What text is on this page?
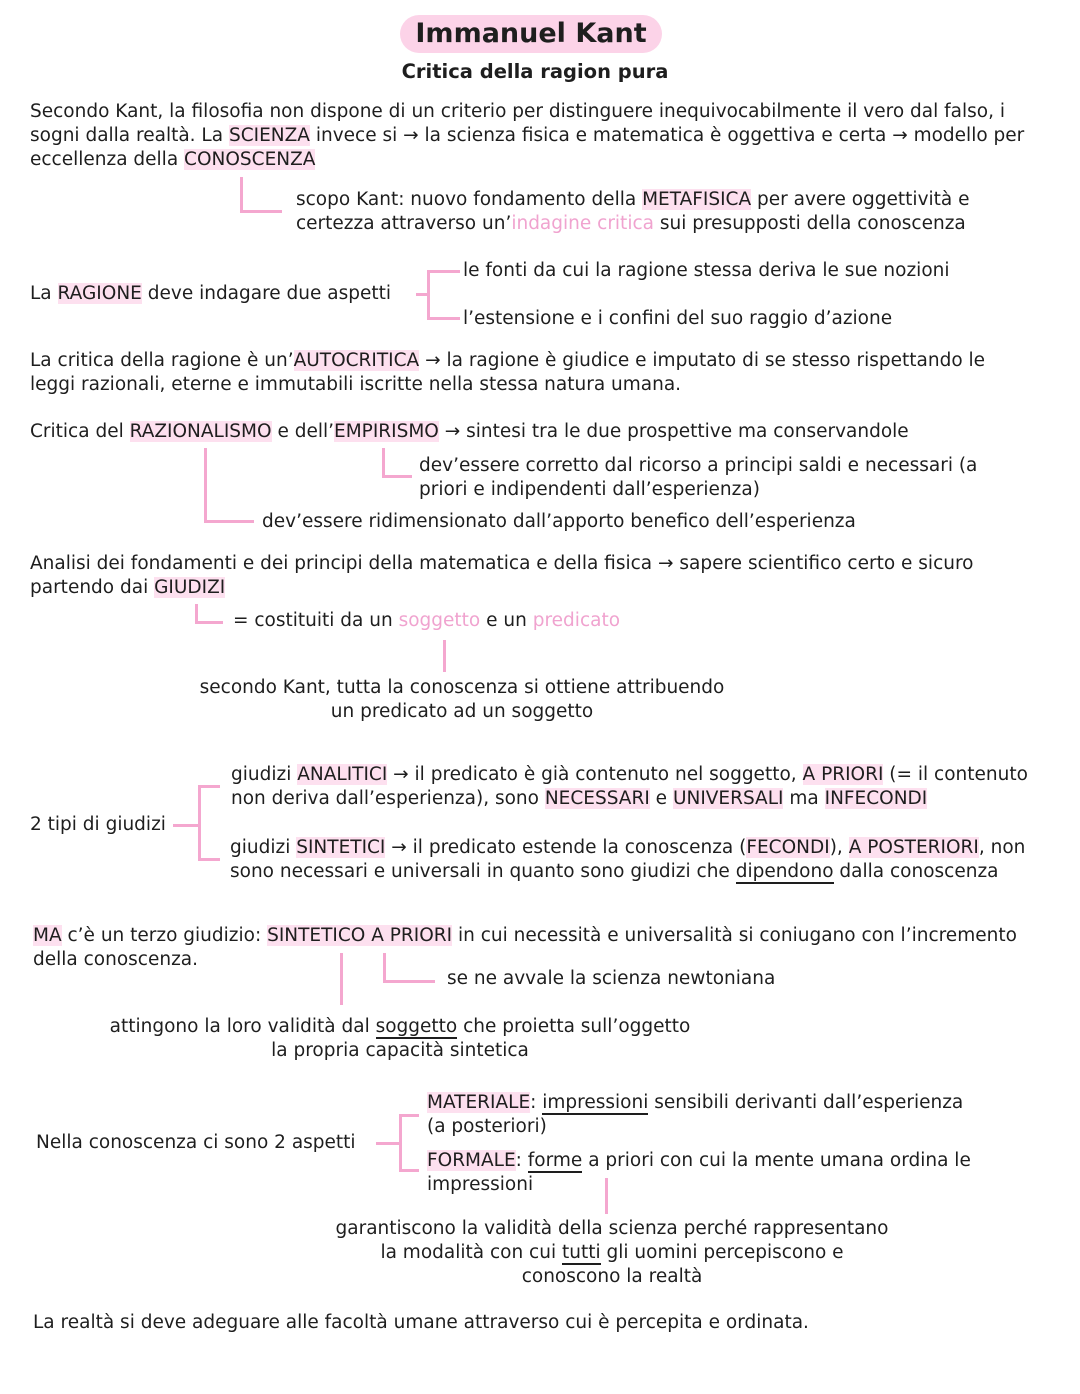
Immanuel Kant
Critica della ragion pura
Secondo Kant, la filosofia non dispone di un criterio per distinguere inequivocabilmente il vero dal falso, i
sogni dalla realtà. La SCIENZA invece si → la scienza fisica e matematica è oggettiva e certa → modello per
eccellenza della CONOSCENZA
scopo Kant: nuovo fondamento della METAFISICA per avere oggettività e
certezza attraverso un’indagine critica sui presupposti della conoscenza
La RAGIONE deve indagare due aspetti
le fonti da cui la ragione stessa deriva le sue nozioni
l’estensione e i confini del suo raggio d’azione
La critica della ragione è un’AUTOCRITICA → la ragione è giudice e imputato di se stesso rispettando le
leggi razionali, eterne e immutabili iscritte nella stessa natura umana.
Critica del RAZIONALISMO e dell’EMPIRISMO → sintesi tra le due prospettive ma conservandole
dev’essere corretto dal ricorso a principi saldi e necessari (a
priori e indipendenti dall’esperienza)
dev’essere ridimensionato dall’apporto benefico dell’esperienza
Analisi dei fondamenti e dei principi della matematica e della fisica → sapere scientifico certo e sicuro
partendo dai GIUDIZI
= costituiti da un soggetto e un predicato
secondo Kant, tutta la conoscenza si ottiene attribuendo
un predicato ad un soggetto
2 tipi di giudizi
giudizi ANALITICI → il predicato è già contenuto nel soggetto, A PRIORI (= il contenuto
non deriva dall’esperienza), sono NECESSARI e UNIVERSALI ma INFECONDI
giudizi SINTETICI → il predicato estende la conoscenza (FECONDI), A POSTERIORI, non
sono necessari e universali in quanto sono giudizi che dipendono dalla conoscenza
MA c’è un terzo giudizio: SINTETICO A PRIORI in cui necessità e universalità si coniugano con l’incremento
della conoscenza.
se ne avvale la scienza newtoniana
attingono la loro validità dal soggetto che proietta sull’oggetto
la propria capacità sintetica
Nella conoscenza ci sono 2 aspetti
MATERIALE: impressioni sensibili derivanti dall’esperienza
(a posteriori)
FORMALE: forme a priori con cui la mente umana ordina le
impressioni
garantiscono la validità della scienza perché rappresentano
la modalità con cui tutti gli uomini percepiscono e
conoscono la realtà
La realtà si deve adeguare alle facoltà umane attraverso cui è percepita e ordinata.
